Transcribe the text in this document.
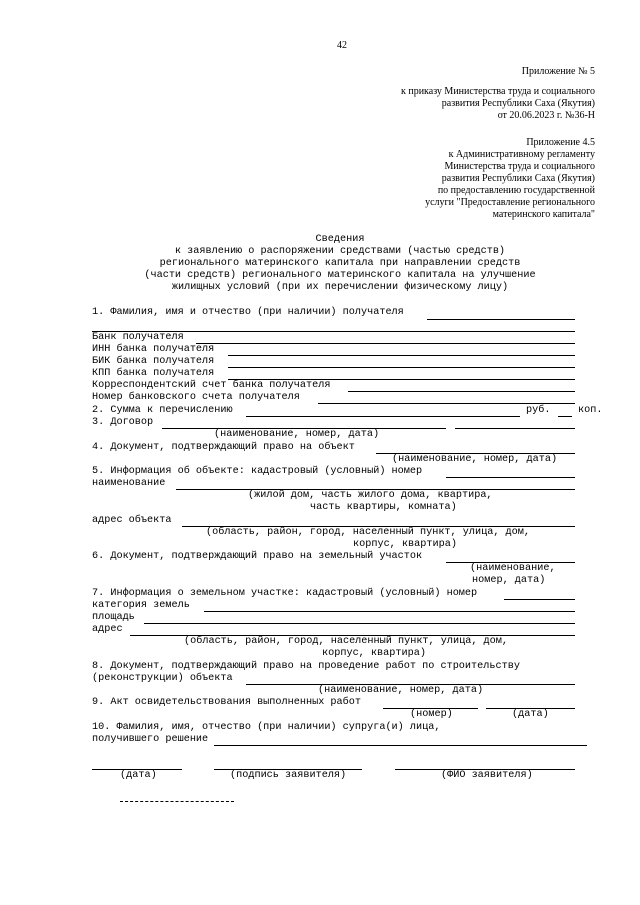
42
Приложение № 5
к приказу Министерства труда и социального
развития Республики Саха (Якутия)
от 20.06.2023 г. №36-Н
Приложение 4.5
к Административному регламенту
Министерства труда и социального
развития Республики Саха (Якутия)
по предоставлению государственной
услуги "Предоставление регионального
материнского капитала"
Сведения
к заявлению о распоряжении средствами (частью средств)
регионального материнского капитала при направлении средств
(части средств) регионального материнского капитала на улучшение
жилищных условий (при их перечислении физическому лицу)
1. Фамилия, имя и отчество (при наличии) получателя
Банк получателя
ИНН банка получателя
БИК банка получателя
КПП банка получателя
Корреспондентский счет банка получателя
Номер банковского счета получателя
2. Сумма к перечислению	руб.	коп.
3. Договор
(наименование, номер, дата)
4. Документ, подтверждающий право на объект
(наименование, номер, дата)
5. Информация об объекте: кадастровый (условный) номер
наименование
(жилой дом, часть жилого дома, квартира,
часть квартиры, комната)
адрес объекта
(область, район, город, населенный пункт, улица, дом,
корпус, квартира)
6. Документ, подтверждающий право на земельный участок
(наименование,
номер, дата)
7. Информация о земельном участке: кадастровый (условный) номер
категория земель
площадь
адрес
(область, район, город, населенный пункт, улица, дом,
корпус, квартира)
8. Документ, подтверждающий право на проведение работ по строительству
(реконструкции) объекта
(наименование, номер, дата)
9. Акт освидетельствования выполненных работ
(номер)	(дата)
10. Фамилия, имя, отчество (при наличии) супруга(и) лица,
получившего решение
(дата)	(подпись заявителя)	(ФИО заявителя)
